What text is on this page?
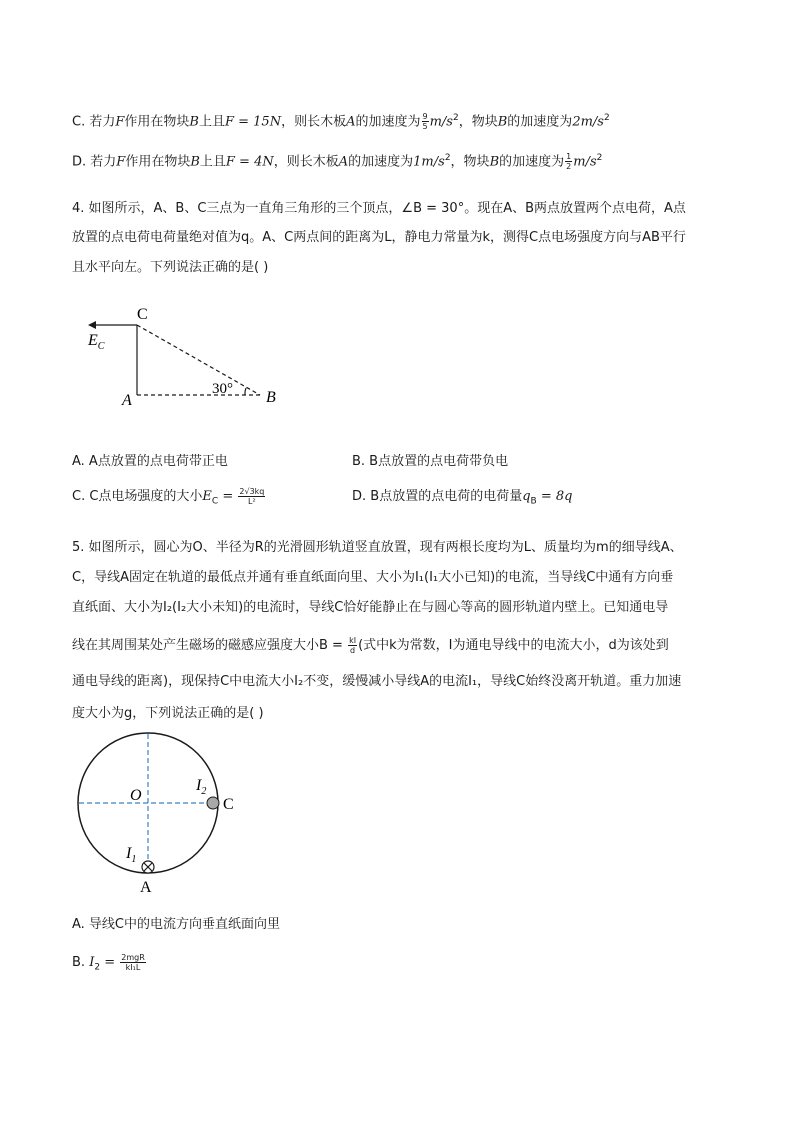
C. 若力F作用在物块B上且F = 15N，则长木板A的加速度为 $\frac{9}{5} m/s^2$，物块B的加速度为$2m/s^2$
D. 若力F作用在物块B上且F = 4N，则长木板A的加速度为$1m/s^2$，物块B的加速度为 $\frac{1}{2} m/s^2$
4. 如图所示，A、B、C三点为一直角三角形的三个顶点，∠B = 30°。现在A、B两点放置两个点电荷，A点
放置的点电荷电荷量绝对值为q。A、C两点间的距离为L，静电力常量为k，测得C点电场强度方向与AB平行
且水平向左。下列说法正确的是( )
C
A	B
$E_C$
30°
A. A点放置的点电荷带正电	B. B点放置的点电荷带负电
C. C点电场强度的大小$E_C = \frac{2√3kq}{\text{L²}}$	D. B点放置的点电荷的电荷量$q_B = 8q$
5. 如图所示，圆心为O、半径为R的光滑圆形轨道竖直放置，现有两根长度均为L、质量均为m的细导线A、
C，导线A固定在轨道的最低点并通有垂直纸面向里、大小为I₁(I₁大小已知)的电流，当导线C中通有方向垂
直纸面、大小为I₂(I₂大小未知)的电流时，导线C恰好能静止在与圆心等高的圆形轨道内壁上。已知通电导
线在其周围某处产生磁场的磁感应强度大小$B = \frac{kI}{d}$ (式中k为常数，I为通电导线中的电流大小，d为该处到
通电导线的距离)，现保持C中电流大小I₂不变，缓慢减小导线A的电流I₁，导线C始终没离开轨道。重力加速
度大小为g，下列说法正确的是( )
O
$I_2$
C
$I_1$
A
A. 导线C中的电流方向垂直纸面向里
B. $I_2 = \frac{\text{2mgR}}{\text{kI₁L}}$
